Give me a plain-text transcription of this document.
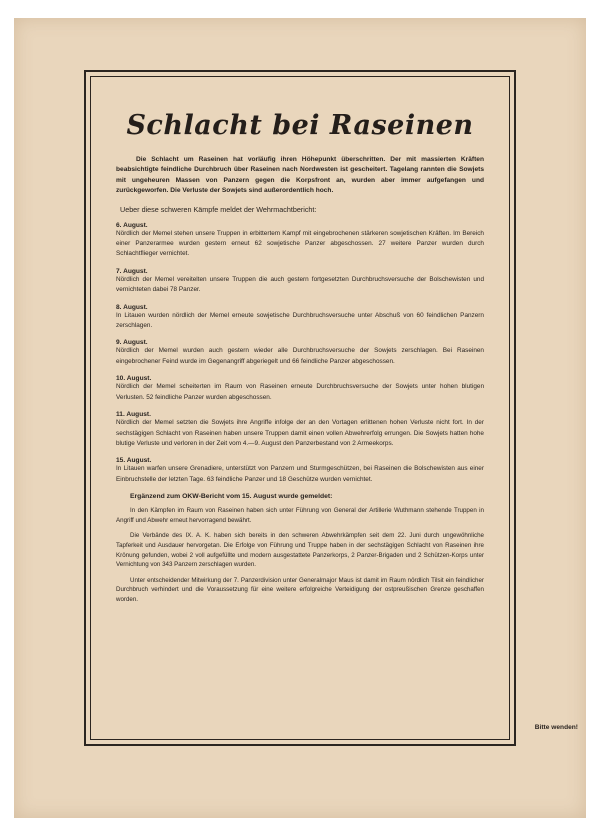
Schlacht bei Raseinen

Die Schlacht um Raseinen hat vorläufig ihren Höhepunkt überschritten. Der mit massierten Kräften beabsichtigte feindliche Durchbruch über Raseinen nach Nordwesten ist gescheitert. Tagelang rannten die Sowjets mit ungeheuren Massen von Panzern gegen die Korpsfront an, wurden aber immer aufgefangen und zurückgeworfen. Die Verluste der Sowjets sind außerordentlich hoch.

Ueber diese schweren Kämpfe meldet der Wehrmachtbericht:

6. August.

Nördlich der Memel stehen unsere Truppen in erbittertem Kampf mit eingebrochenen stärkeren sowjetischen Kräften. Im Bereich einer Panzerarmee wurden gestern erneut 62 sowjetische Panzer abgeschossen. 27 weitere Panzer wurden durch Schlachtflieger vernichtet.

7. August.

Nördlich der Memel vereitelten unsere Truppen die auch gestern fortgesetzten Durchbruchsversuche der Bolschewisten und vernichteten dabei 78 Panzer.

8. August.

In Litauen wurden nördlich der Memel erneute sowjetische Durchbruchsversuche unter Abschuß von 60 feindlichen Panzern zerschlagen.

9. August.

Nördlich der Memel wurden auch gestern wieder alle Durchbruchsversuche der Sowjets zerschlagen. Bei Raseinen eingebrochener Feind wurde im Gegenangriff abgeriegelt und 66 feindliche Panzer abgeschossen.

10. August.

Nördlich der Memel scheiterten im Raum von Raseinen erneute Durchbruchsversuche der Sowjets unter hohen blutigen Verlusten. 52 feindliche Panzer wurden abgeschossen.

11. August.

Nördlich der Memel setzten die Sowjets ihre Angriffe infolge der an den Vortagen erlittenen hohen Verluste nicht fort. In der sechstägigen Schlacht von Raseinen haben unsere Truppen damit einen vollen Abwehrerfolg errungen. Die Sowjets hatten hohe blutige Verluste und verloren in der Zeit vom 4.—9. August den Panzerbestand von 2 Armeekorps.

15. August.

In Litauen warfen unsere Grenadiere, unterstützt von Panzern und Sturmgeschützen, bei Raseinen die Bolschewisten aus einer Einbruchstelle der letzten Tage. 63 feindliche Panzer und 18 Geschütze wurden vernichtet.

Ergänzend zum OKW-Bericht vom 15. August wurde gemeldet:

In den Kämpfen im Raum von Raseinen haben sich unter Führung von General der Artillerie Wuthmann stehende Truppen in Angriff und Abwehr erneut hervorragend bewährt.

Die Verbände des IX. A. K. haben sich bereits in den schweren Abwehrkämpfen seit dem 22. Juni durch ungewöhnliche Tapferkeit und Ausdauer hervorgetan. Die Erfolge von Führung und Truppe haben in der sechstägigen Schlacht von Raseinen ihre Krönung gefunden, wobei 2 voll aufgefüllte und modern ausgestattete Panzerkorps, 2 Panzer-Brigaden und 2 Schützen-Korps unter Vernichtung von 343 Panzern zerschlagen wurden.

Unter entscheidender Mitwirkung der 7. Panzerdivision unter Generalmajor Maus ist damit im Raum nördlich Tilsit ein feindlicher Durchbruch verhindert und die Voraussetzung für eine weitere erfolgreiche Verteidigung der ostpreußischen Grenze geschaffen worden.

Bitte wenden!
